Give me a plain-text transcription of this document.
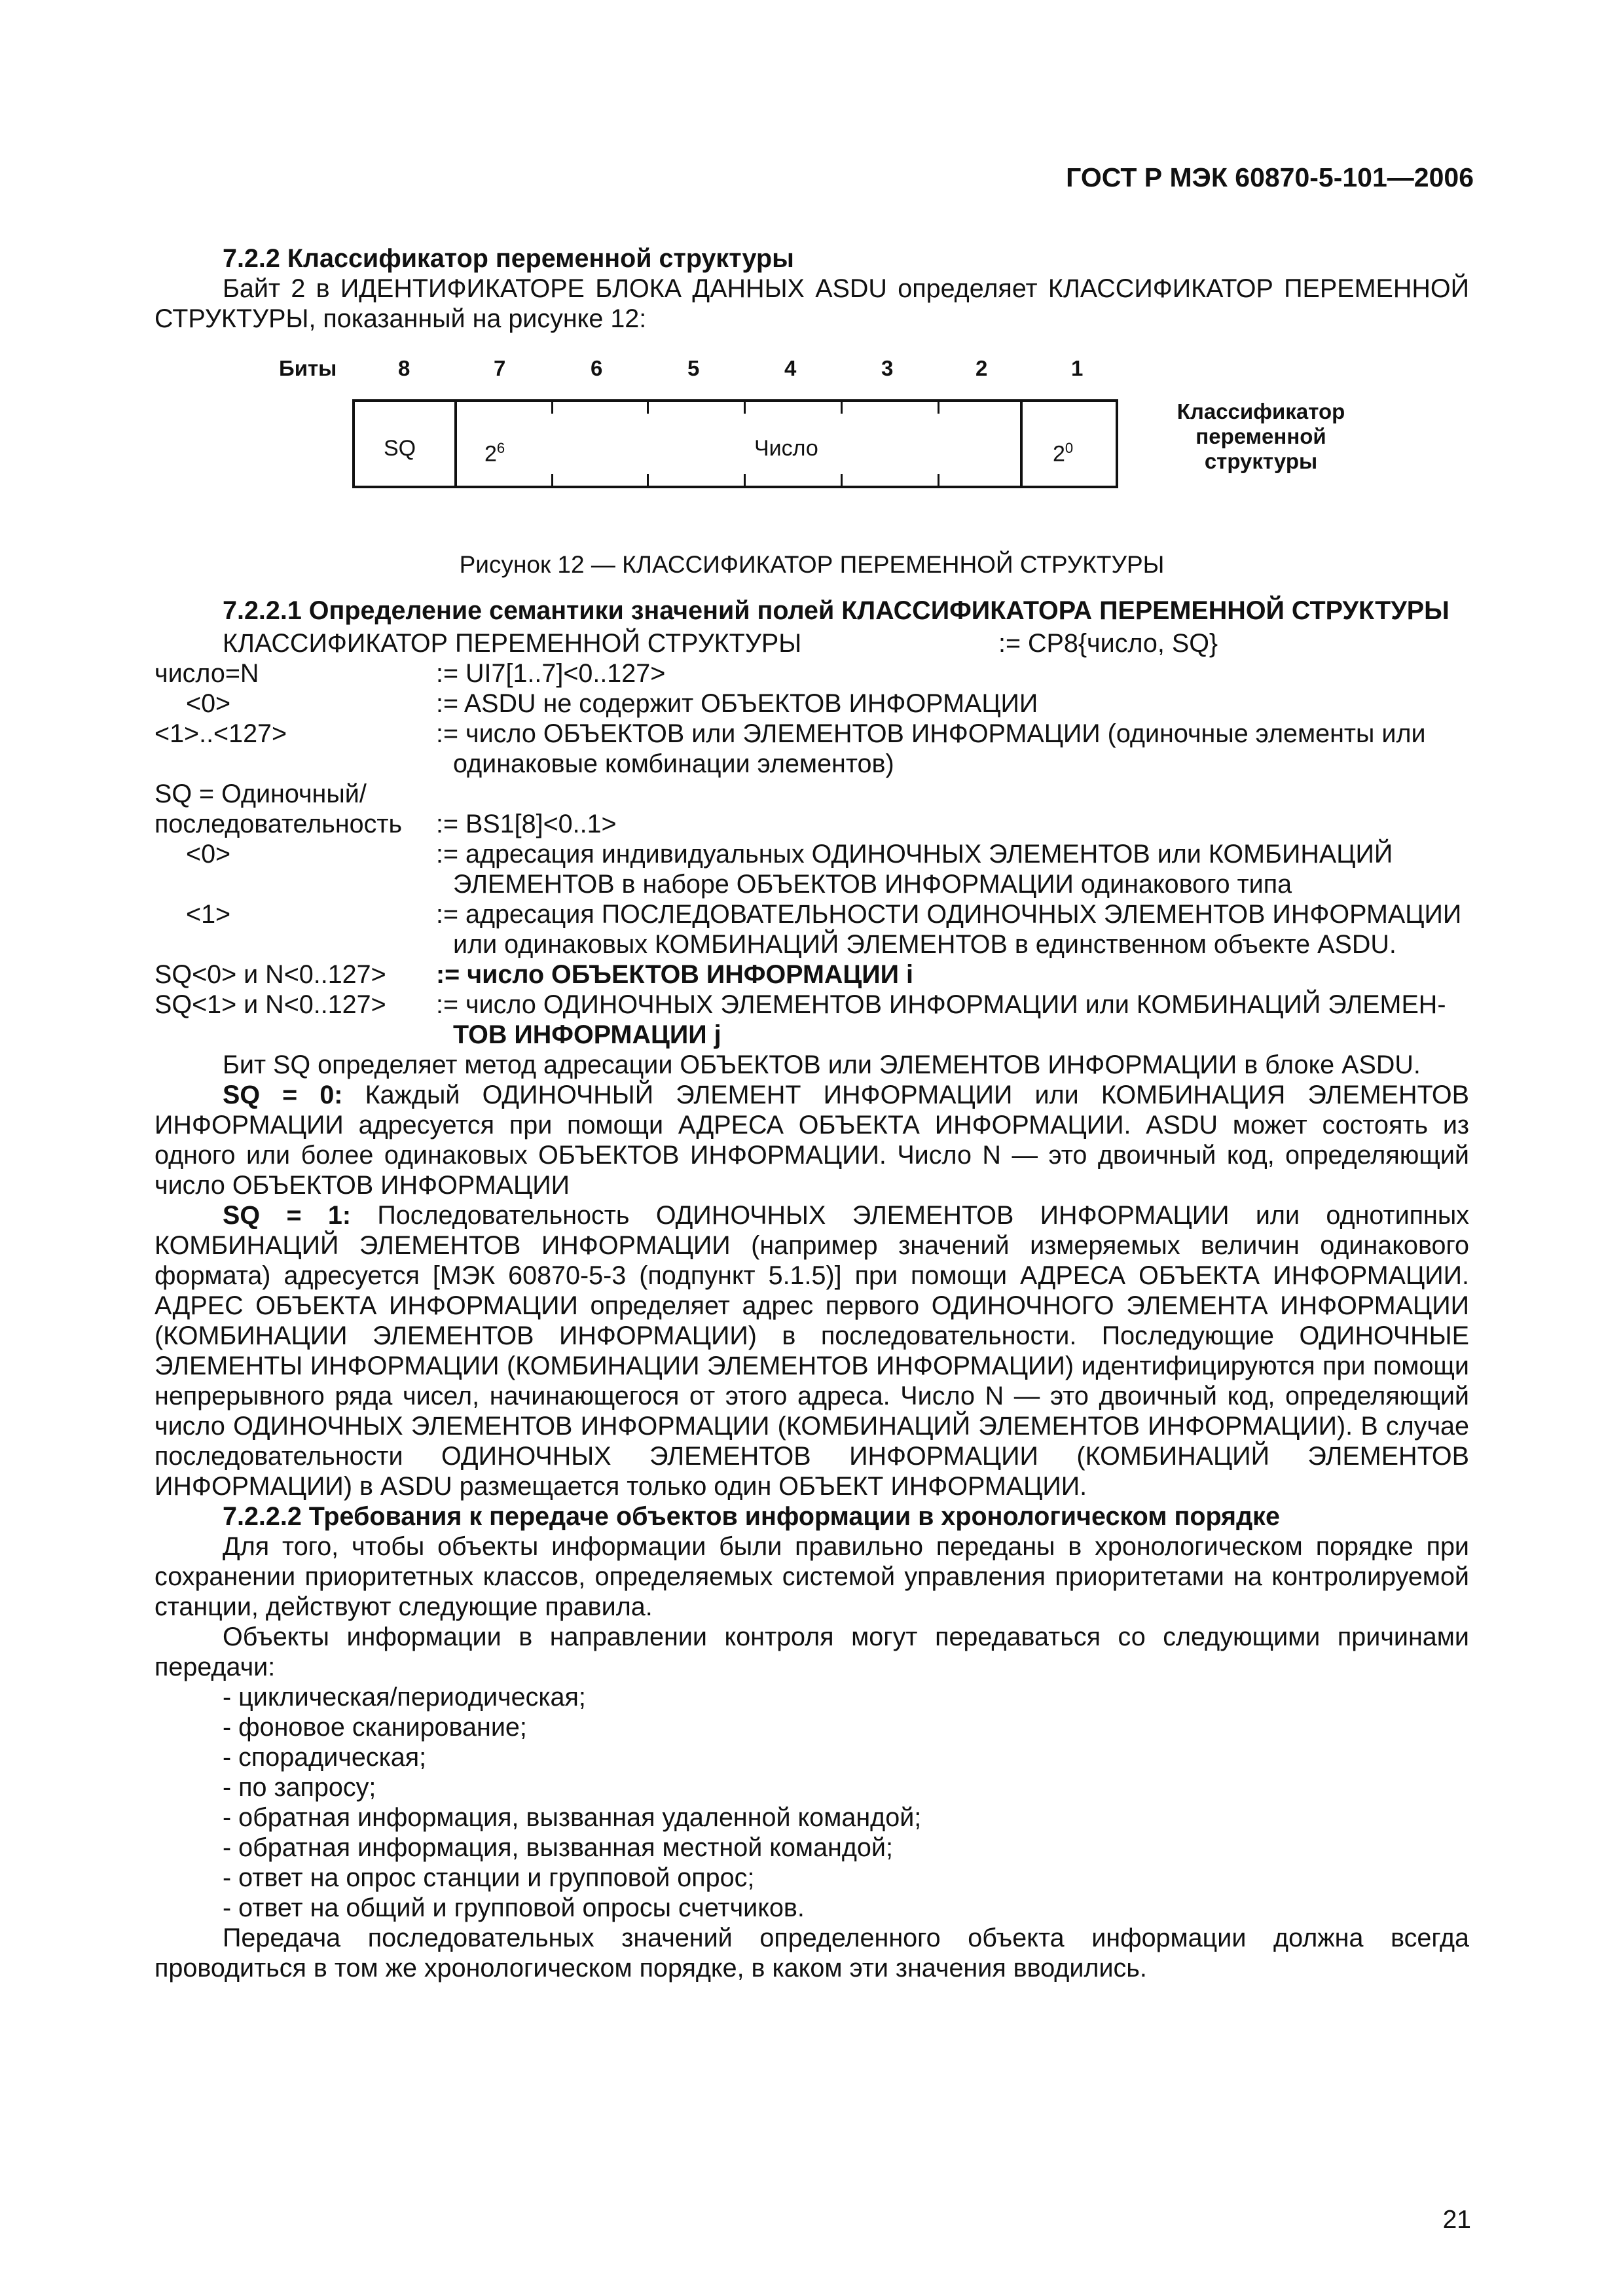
ГОСТ Р МЭК 60870-5-101—2006

7.2.2 Классификатор переменной структуры

Байт 2 в ИДЕНТИФИКАТОРЕ БЛОКА ДАННЫХ ASDU определяет КЛАССИФИКАТОР ПЕРЕМЕННОЙ СТРУКТУРЫ, показанный на рисунке 12:

Биты	8	7	6	5	4	3	2	1
SQ	$2^6$	Число	$2^0$
Классификатор
переменной
структуры

Рисунок 12 — КЛАССИФИКАТОР ПЕРЕМЕННОЙ СТРУКТУРЫ

7.2.2.1 Определение семантики значений полей КЛАССИФИКАТОРА ПЕРЕМЕННОЙ СТРУКТУРЫ

КЛАССИФИКАТОР ПЕРЕМЕННОЙ СТРУКТУРЫ	:= CP8{число, SQ}
число=N	:= UI7[1..7]<0..127>
<0>	:= ASDU не содержит ОБЪЕКТОВ ИНФОРМАЦИИ
<1>..<127>	:= число ОБЪЕКТОВ или ЭЛЕМЕНТОВ ИНФОРМАЦИИ (одиночные элементы или
одинаковые комбинации элементов)
SQ = Одиночный/
последовательность	:= BS1[8]<0..1>
<0>	:= адресация индивидуальных ОДИНОЧНЫХ ЭЛЕМЕНТОВ или КОМБИНАЦИЙ
ЭЛЕМЕНТОВ в наборе ОБЪЕКТОВ ИНФОРМАЦИИ одинакового типа
<1>	:= адресация ПОСЛЕДОВАТЕЛЬНОСТИ ОДИНОЧНЫХ ЭЛЕМЕНТОВ ИНФОРМАЦИИ
или одинаковых КОМБИНАЦИЙ ЭЛЕМЕНТОВ в единственном объекте ASDU.
SQ<0> и N<0..127>	:= число ОБЪЕКТОВ ИНФОРМАЦИИ i
SQ<1> и N<0..127>	:= число ОДИНОЧНЫХ ЭЛЕМЕНТОВ ИНФОРМАЦИИ или КОМБИНАЦИЙ ЭЛЕМЕН-
ТОВ ИНФОРМАЦИИ j

Бит SQ определяет метод адресации ОБЪЕКТОВ или ЭЛЕМЕНТОВ ИНФОРМАЦИИ в блоке ASDU.

SQ = 0: Каждый ОДИНОЧНЫЙ ЭЛЕМЕНТ ИНФОРМАЦИИ или КОМБИНАЦИЯ ЭЛЕМЕНТОВ ИНФОРМАЦИИ адресуется при помощи АДРЕСА ОБЪЕКТА ИНФОРМАЦИИ. ASDU может состоять из одного или более одинаковых ОБЪЕКТОВ ИНФОРМАЦИИ. Число N — это двоичный код, определяющий число ОБЪЕКТОВ ИНФОРМАЦИИ

SQ = 1: Последовательность ОДИНОЧНЫХ ЭЛЕМЕНТОВ ИНФОРМАЦИИ или однотипных КОМБИНАЦИЙ ЭЛЕМЕНТОВ ИНФОРМАЦИИ (например значений измеряемых величин одинакового формата) адресуется [МЭК 60870-5-3 (подпункт 5.1.5)] при помощи АДРЕСА ОБЪЕКТА ИНФОРМАЦИИ. АДРЕС ОБЪЕКТА ИНФОРМАЦИИ определяет адрес первого ОДИНОЧНОГО ЭЛЕМЕНТА ИНФОРМАЦИИ (КОМБИНАЦИИ ЭЛЕМЕНТОВ ИНФОРМАЦИИ) в последовательности. Последующие ОДИНОЧНЫЕ ЭЛЕМЕНТЫ ИНФОРМАЦИИ (КОМБИНАЦИИ ЭЛЕМЕНТОВ ИНФОРМАЦИИ) идентифицируются при помощи непрерывного ряда чисел, начинающегося от этого адреса. Число N — это двоичный код, определяющий число ОДИНОЧНЫХ ЭЛЕМЕНТОВ ИНФОРМАЦИИ (КОМБИНАЦИЙ ЭЛЕМЕНТОВ ИНФОРМАЦИИ). В случае последовательности ОДИНОЧНЫХ ЭЛЕМЕНТОВ ИНФОРМАЦИИ (КОМБИНАЦИЙ ЭЛЕМЕНТОВ ИНФОРМАЦИИ) в ASDU размещается только один ОБЪЕКТ ИНФОРМАЦИИ.

7.2.2.2 Требования к передаче объектов информации в хронологическом порядке

Для того, чтобы объекты информации были правильно переданы в хронологическом порядке при сохранении приоритетных классов, определяемых системой управления приоритетами на контролируемой станции, действуют следующие правила.

Объекты информации в направлении контроля могут передаваться со следующими причинами передачи:

- циклическая/периодическая;
- фоновое сканирование;
- спорадическая;
- по запросу;
- обратная информация, вызванная удаленной командой;
- обратная информация, вызванная местной командой;
- ответ на опрос станции и групповой опрос;
- ответ на общий и групповой опросы счетчиков.

Передача последовательных значений определенного объекта информации должна всегда проводиться в том же хронологическом порядке, в каком эти значения вводились.

21
